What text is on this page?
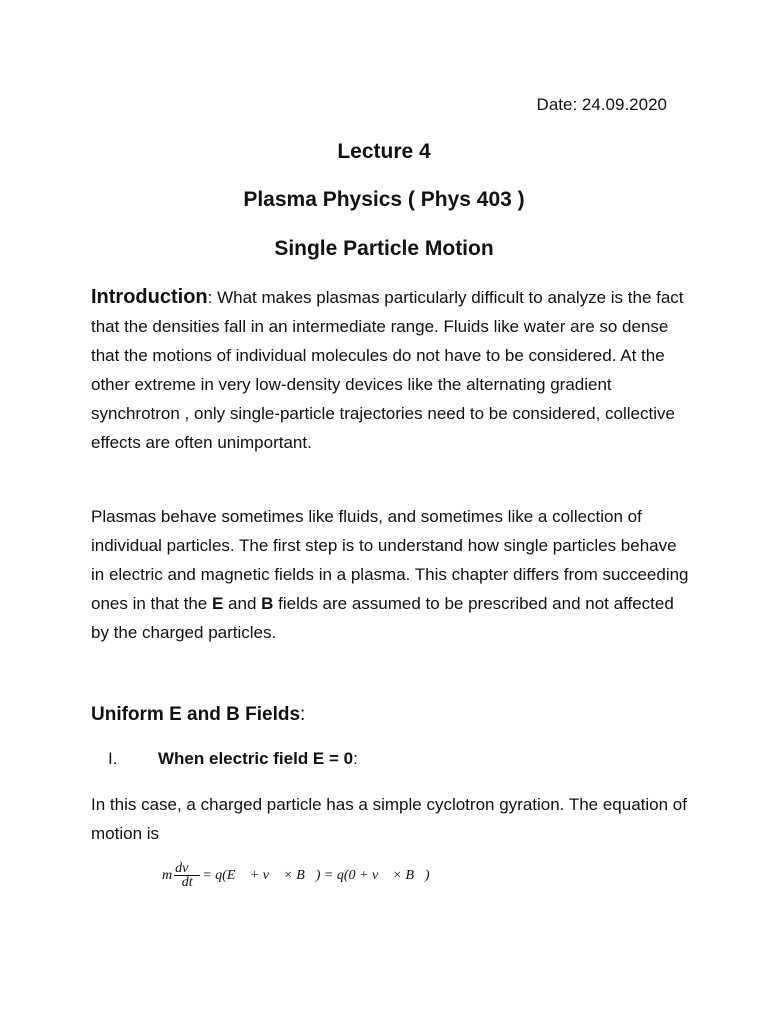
Date: 24.09.2020
Lecture 4
Plasma Physics ( Phys 403 )
Single Particle Motion

Introduction: What makes plasmas particularly difficult to analyze is the fact that the densities fall in an intermediate range. Fluids like water are so dense that the motions of individual molecules do not have to be considered. At the other extreme in very low-density devices like the alternating gradient synchrotron , only single-particle trajectories need to be considered, collective effects are often unimportant.

Plasmas behave sometimes like fluids, and sometimes like a collection of individual particles. The first step is to understand how single particles behave in electric and magnetic fields in a plasma. This chapter differs from succeeding ones in that the E and B fields are assumed to be prescribed and not affected by the charged particles.

Uniform E and B Fields:
I. When electric field E = 0:

In this case, a charged particle has a simple cyclotron gyration. The equation of motion is

m $\frac{dv⃗}{dt}$ = q(E⃗ + v⃗ × B⃗) = q(0 + v⃗ × B⃗)
